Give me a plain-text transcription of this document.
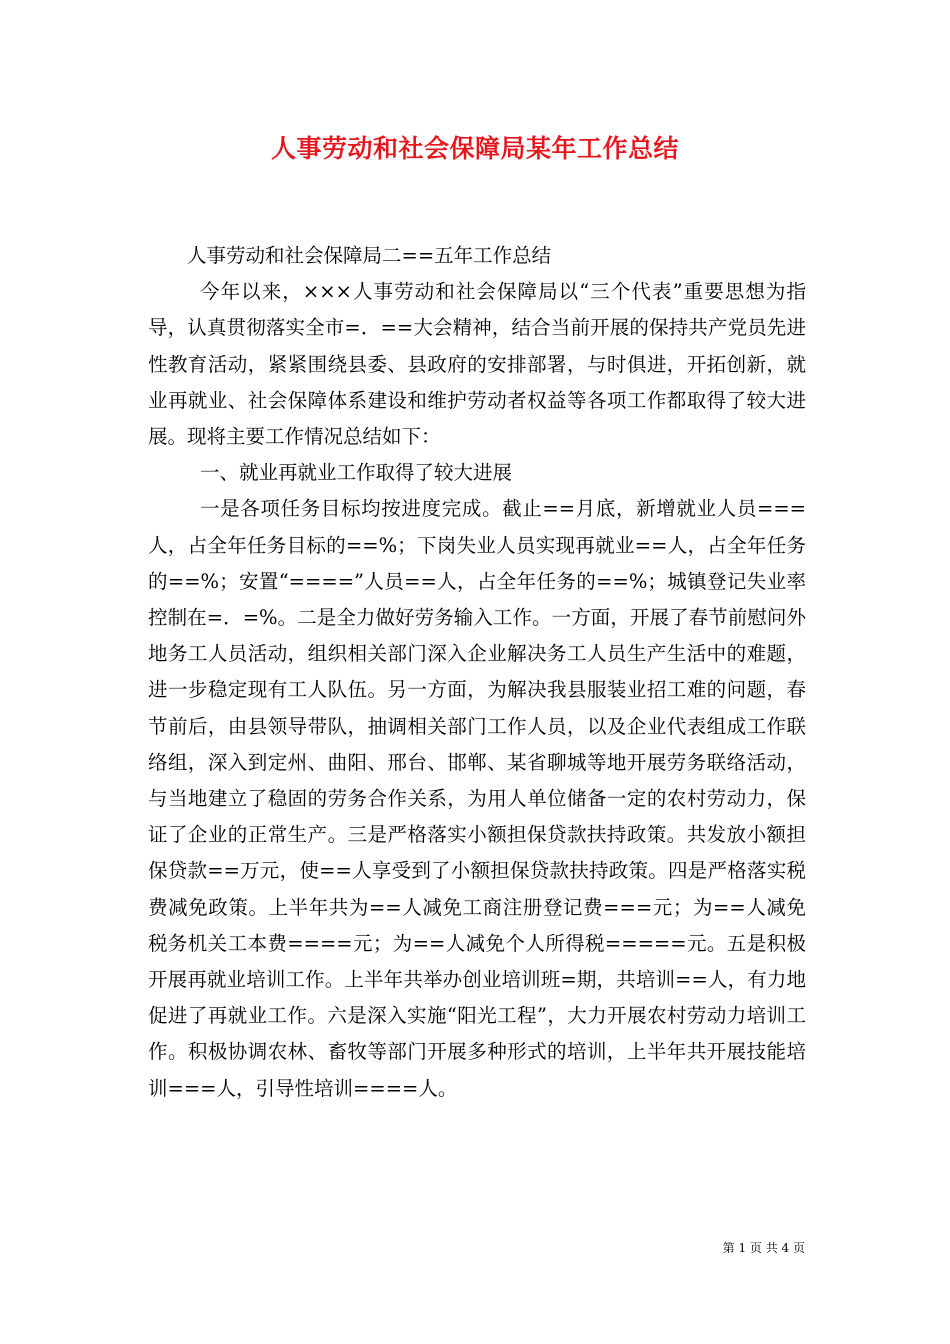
人事劳动和社会保障局某年工作总结

人事劳动和社会保障局二==五年工作总结

今年以来，×××人事劳动和社会保障局以“三个代表”重要思想为指导，认真贯彻落实全市=．==大会精神，结合当前开展的保持共产党员先进性教育活动，紧紧围绕县委、县政府的安排部署，与时俱进，开拓创新，就业再就业、社会保障体系建设和维护劳动者权益等各项工作都取得了较大进展。现将主要工作情况总结如下：

一、就业再就业工作取得了较大进展

一是各项任务目标均按进度完成。截止==月底，新增就业人员===人，占全年任务目标的==%；下岗失业人员实现再就业==人，占全年任务的==%；安置“====”人员==人，占全年任务的==%；城镇登记失业率控制在=．=%。二是全力做好劳务输入工作。一方面，开展了春节前慰问外地务工人员活动，组织相关部门深入企业解决务工人员生产生活中的难题，进一步稳定现有工人队伍。另一方面，为解决我县服装业招工难的问题，春节前后，由县领导带队，抽调相关部门工作人员，以及企业代表组成工作联络组，深入到定州、曲阳、邢台、邯郸、某省聊城等地开展劳务联络活动，与当地建立了稳固的劳务合作关系，为用人单位储备一定的农村劳动力，保证了企业的正常生产。三是严格落实小额担保贷款扶持政策。共发放小额担保贷款==万元，使==人享受到了小额担保贷款扶持政策。四是严格落实税费减免政策。上半年共为==人减免工商注册登记费===元；为==人减免税务机关工本费====元；为==人减免个人所得税=====元。五是积极开展再就业培训工作。上半年共举办创业培训班=期，共培训==人，有力地促进了再就业工作。六是深入实施“阳光工程”，大力开展农村劳动力培训工作。积极协调农林、畜牧等部门开展多种形式的培训，上半年共开展技能培训===人，引导性培训====人。

第 1 页 共 4 页
